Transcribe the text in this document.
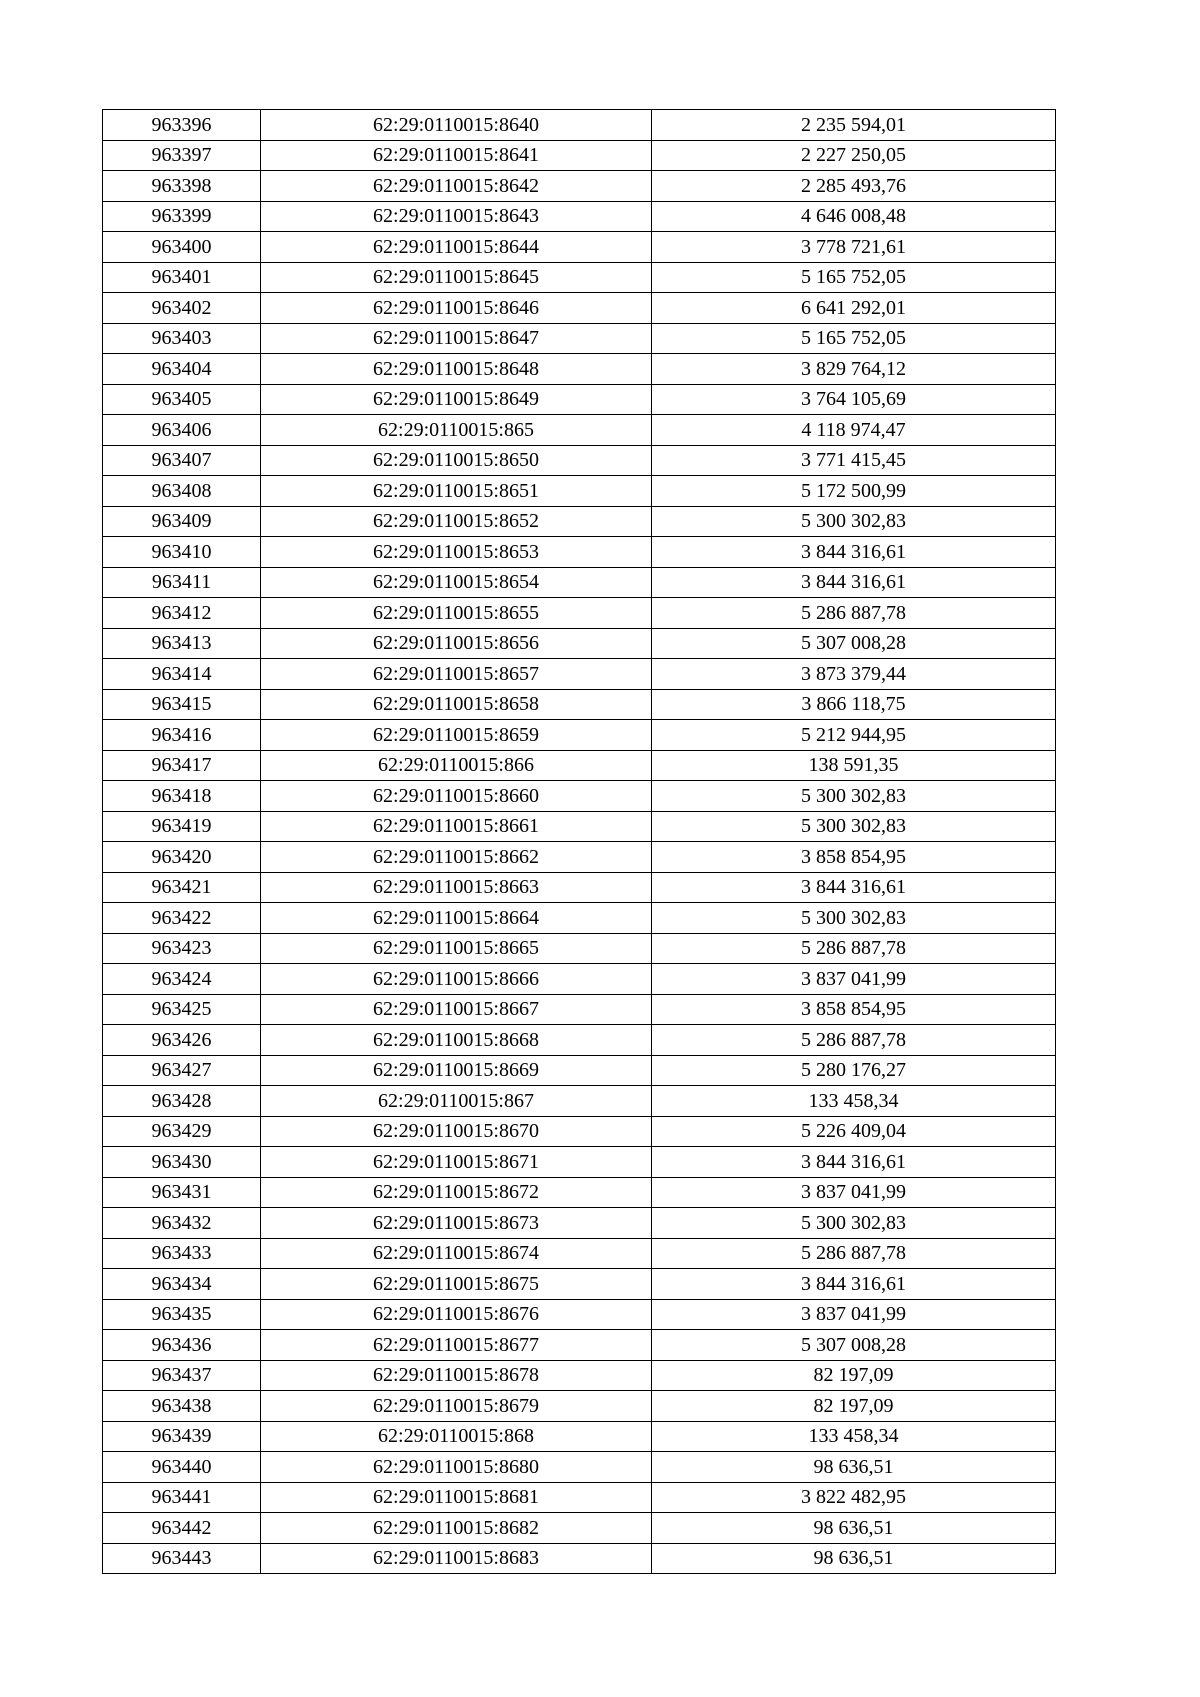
963396	62:29:0110015:8640	2 235 594,01
963397	62:29:0110015:8641	2 227 250,05
963398	62:29:0110015:8642	2 285 493,76
963399	62:29:0110015:8643	4 646 008,48
963400	62:29:0110015:8644	3 778 721,61
963401	62:29:0110015:8645	5 165 752,05
963402	62:29:0110015:8646	6 641 292,01
963403	62:29:0110015:8647	5 165 752,05
963404	62:29:0110015:8648	3 829 764,12
963405	62:29:0110015:8649	3 764 105,69
963406	62:29:0110015:865	4 118 974,47
963407	62:29:0110015:8650	3 771 415,45
963408	62:29:0110015:8651	5 172 500,99
963409	62:29:0110015:8652	5 300 302,83
963410	62:29:0110015:8653	3 844 316,61
963411	62:29:0110015:8654	3 844 316,61
963412	62:29:0110015:8655	5 286 887,78
963413	62:29:0110015:8656	5 307 008,28
963414	62:29:0110015:8657	3 873 379,44
963415	62:29:0110015:8658	3 866 118,75
963416	62:29:0110015:8659	5 212 944,95
963417	62:29:0110015:866	138 591,35
963418	62:29:0110015:8660	5 300 302,83
963419	62:29:0110015:8661	5 300 302,83
963420	62:29:0110015:8662	3 858 854,95
963421	62:29:0110015:8663	3 844 316,61
963422	62:29:0110015:8664	5 300 302,83
963423	62:29:0110015:8665	5 286 887,78
963424	62:29:0110015:8666	3 837 041,99
963425	62:29:0110015:8667	3 858 854,95
963426	62:29:0110015:8668	5 286 887,78
963427	62:29:0110015:8669	5 280 176,27
963428	62:29:0110015:867	133 458,34
963429	62:29:0110015:8670	5 226 409,04
963430	62:29:0110015:8671	3 844 316,61
963431	62:29:0110015:8672	3 837 041,99
963432	62:29:0110015:8673	5 300 302,83
963433	62:29:0110015:8674	5 286 887,78
963434	62:29:0110015:8675	3 844 316,61
963435	62:29:0110015:8676	3 837 041,99
963436	62:29:0110015:8677	5 307 008,28
963437	62:29:0110015:8678	82 197,09
963438	62:29:0110015:8679	82 197,09
963439	62:29:0110015:868	133 458,34
963440	62:29:0110015:8680	98 636,51
963441	62:29:0110015:8681	3 822 482,95
963442	62:29:0110015:8682	98 636,51
963443	62:29:0110015:8683	98 636,51
